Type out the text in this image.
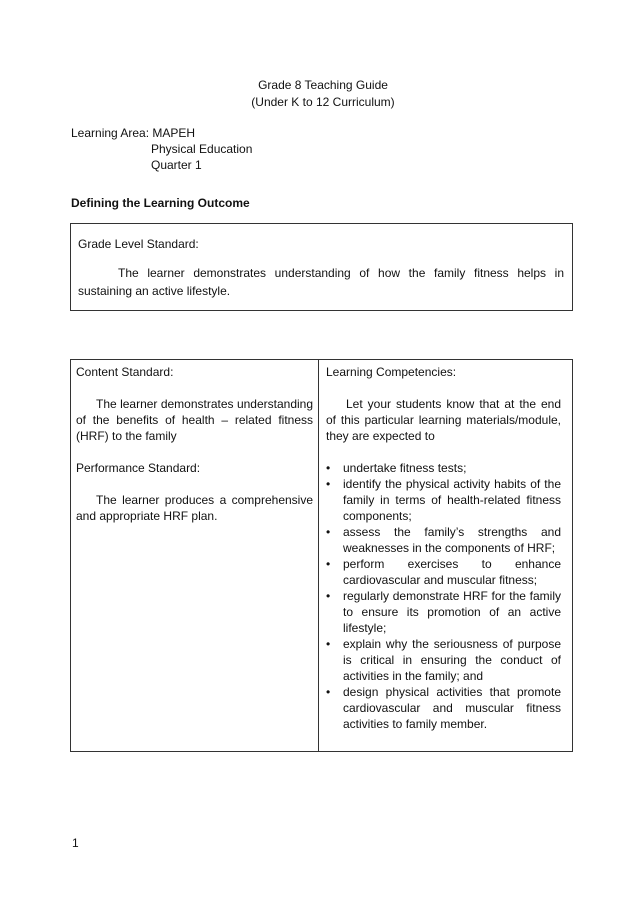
Grade 8 Teaching Guide
(Under K to 12 Curriculum)
Learning Area: MAPEH
Physical Education
Quarter 1
Defining the Learning Outcome
Grade Level Standard:
The learner demonstrates understanding of how the family fitness helps in sustaining an active lifestyle.
Content Standard:
The learner demonstrates understanding of the benefits of health – related fitness (HRF) to the family
Performance Standard:
The learner produces a comprehensive and appropriate HRF plan.
Learning Competencies:
Let your students know that at the end of this particular learning materials/module, they are expected to
• undertake fitness tests;
• identify the physical activity habits of the family in terms of health-related fitness components;
• assess the family’s strengths and weaknesses in the components of HRF;
• perform exercises to enhance cardiovascular and muscular fitness;
• regularly demonstrate HRF for the family to ensure its promotion of an active lifestyle;
• explain why the seriousness of purpose is critical in ensuring the conduct of activities in the family; and
• design physical activities that promote cardiovascular and muscular fitness activities to family member.
1
